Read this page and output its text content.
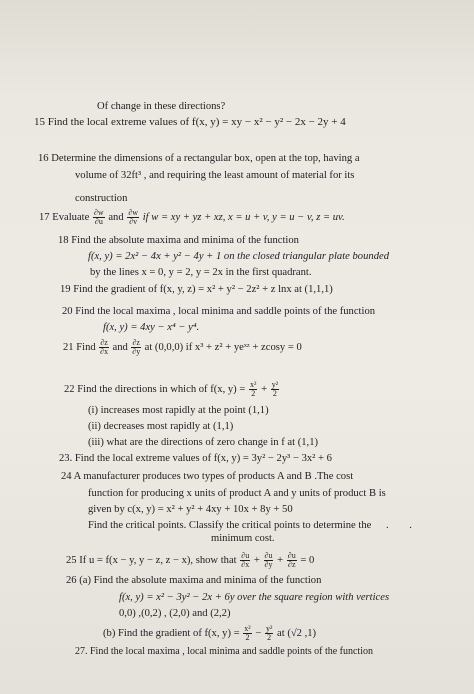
Of change in these directions?
15 Find the local extreme values of f(x, y) = xy − x² − y² − 2x − 2y + 4
16 Determine the dimensions of a rectangular box, open at the top, having a
volume of 32ft³ , and requiring the least amount of material for its
construction
17 Evaluate $\frac{\partial w}{\partial u}$ and $\frac{\partial w}{\partial v}$ if w = xy + yz + xz, x = u + v, y = u − v, z = uv.
18 Find the absolute maxima and minima of the function
f(x, y) = 2x² − 4x + y² − 4y + 1 on the closed triangular plate bounded
by the lines x = 0, y = 2, y = 2x in the first quadrant.
19 Find the gradient of f(x, y, z) = x² + y² − 2z² + z lnx at (1,1,1)
20 Find the local maxima , local minima and saddle points of the function
f(x, y) = 4xy − x⁴ − y⁴.
21 Find $\frac{\partial z}{\partial x}$ and $\frac{\partial z}{\partial y}$ at (0,0,0) if x³ + z² + yeˣᶻ + zcosy = 0
22 Find the directions in which of f(x, $y) = \frac{\text{x²}}{2} + \frac{\text{y²}}{2}$
(i) increases most rapidly at the point (1,1)
(ii) decreases most rapidly at (1,1)
(iii) what are the directions of zero change in f at (1,1)
23. Find the local extreme values of f(x, y) = 3y² − 2y³ − 3x² + 6
24 A manufacturer produces two types of products A and B .The cost
function for producing x units of product A and y units of product B is
given by c(x, y) = x² + y² + 4xy + 10x + 8y + 50
Find the critical points. Classify the critical points to determine the . .
minimum cost.
25 If u = f(x − y, y − z, z − x), show that $\frac{\partial u}{\partial x} + \frac{\partial u}{\partial y} + \frac{\partial u}{\partial z} = 0$
26 (a) Find the absolute maxima and minima of the function
f(x, y) = x² − 3y² − 2x + 6y over the square region with vertices
0,0) ,(0,2) , (2,0) and (2,2)
(b) Find the gradient of f(x, $y) = \frac{\text{x²}}{2} - \frac{\text{y²}}{2}$ at (√2 ,1)
27. Find the local maxima , local minima and saddle points of the function
